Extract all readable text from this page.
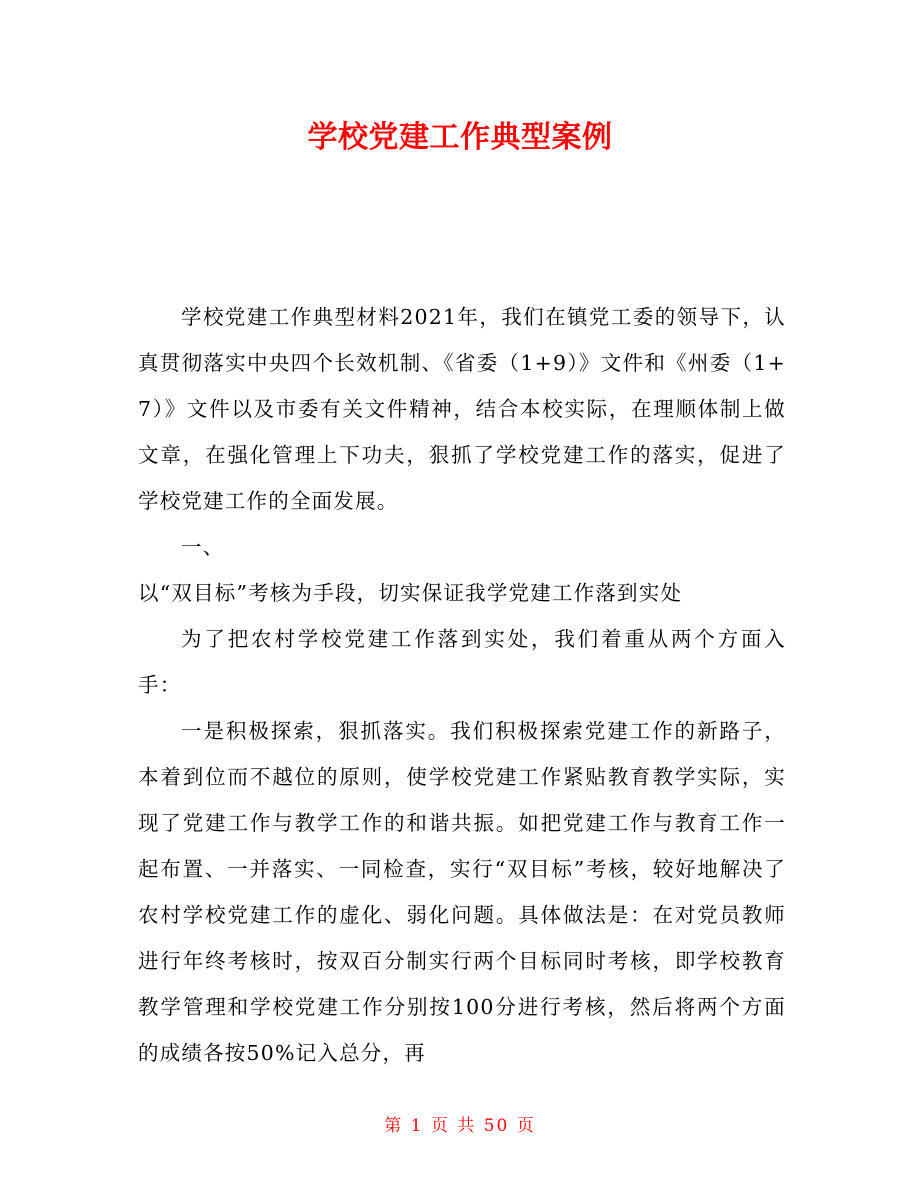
学校党建工作典型案例

学校党建工作典型材料2021年，我们在镇党工委的领导下，认真贯彻落实中央四个长效机制、《省委（1+9）》文件和《州委（1+7）》文件以及市委有关文件精神，结合本校实际，在理顺体制上做文章，在强化管理上下功夫，狠抓了学校党建工作的落实，促进了学校党建工作的全面发展。

一、

以“双目标”考核为手段，切实保证我学党建工作落到实处

为了把农村学校党建工作落到实处，我们着重从两个方面入手：

一是积极探索，狠抓落实。我们积极探索党建工作的新路子，本着到位而不越位的原则，使学校党建工作紧贴教育教学实际，实现了党建工作与教学工作的和谐共振。如把党建工作与教育工作一起布置、一并落实、一同检查，实行“双目标”考核，较好地解决了农村学校党建工作的虚化、弱化问题。具体做法是：在对党员教师进行年终考核时，按双百分制实行两个目标同时考核，即学校教育教学管理和学校党建工作分别按100分进行考核，然后将两个方面的成绩各按50%记入总分，再

第 1 页 共 50 页
